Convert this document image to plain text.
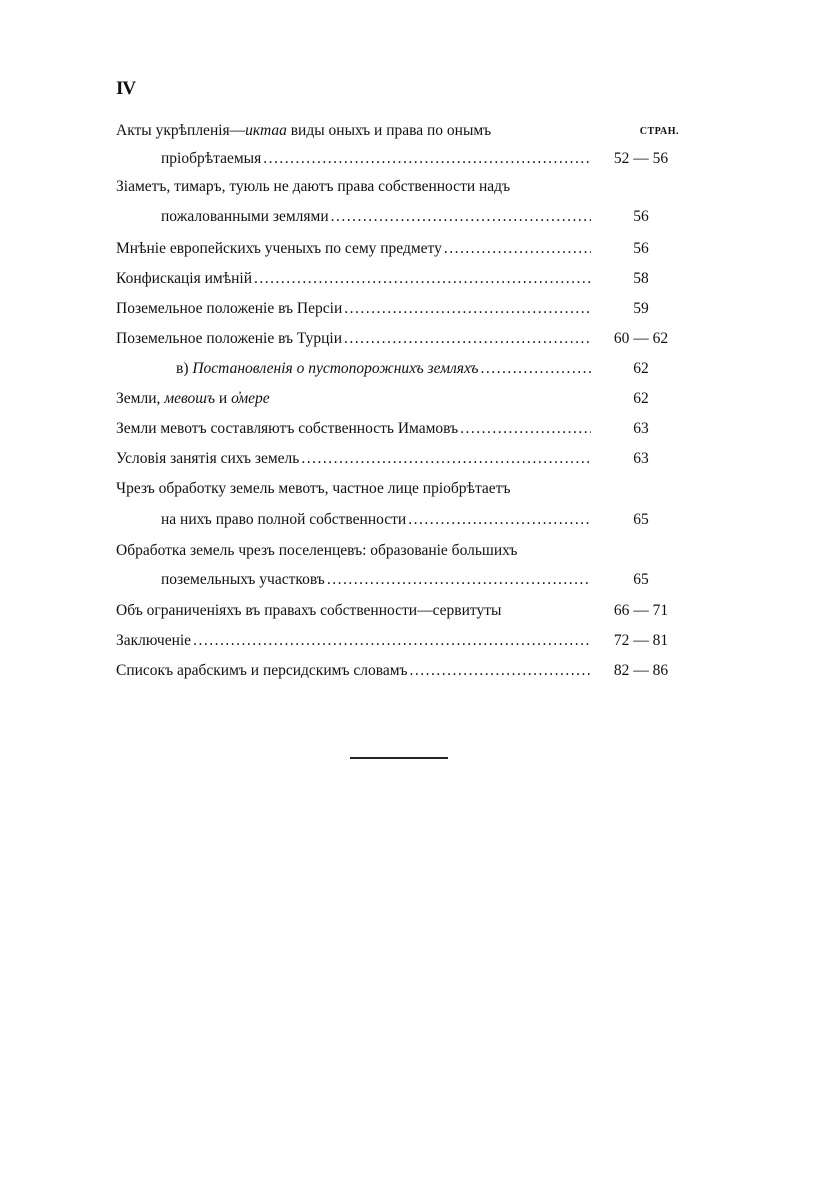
IV
Акты укрѣпленія— иктаа виды оныхъ и права по онымъ	СТРАН.
пріобрѣтаемыя .....	52 — 56
Зіаметъ, тимаръ, туюль не даютъ права собственности надъ
пожалованными землями .....	56
Мнѣніе европейскихъ ученыхъ по сему предмету .....	56
Конфискація имѣній .....	58
Поземельное положеніе въ Персіи .....	59
Поземельное положеніе въ Турціи .....	60 — 62
в) Постановленія о пустопорожнихъ земляхъ .....	62
Земли, мевошъ и о̓мере	62
Земли мевотъ составляютъ собственность Имамовъ .....	63
Условія занятія сихъ земель .....	63
Чрезъ обработку земель мевотъ, частное лице пріобрѣтаетъ
на нихъ право полной собственности .....	65
Обработка земель чрезъ поселенцевъ: образованіе большихъ
поземельныхъ участковъ .....	65
Объ ограниченіяхъ въ правахъ собственности—сервитуты	66 — 71
Заключеніе .....	72 — 81
Списокъ арабскимъ и персидскимъ словамъ .....	82 — 86
